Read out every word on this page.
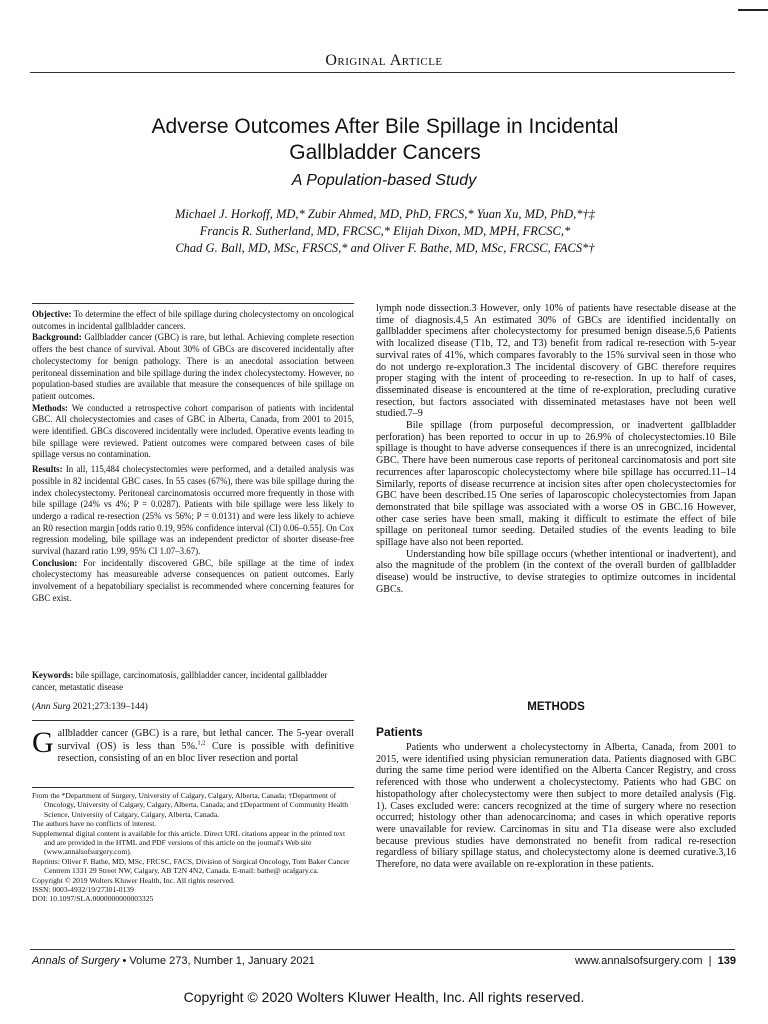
Original Article
Adverse Outcomes After Bile Spillage in Incidental
Gallbladder Cancers
A Population-based Study
Michael J. Horkoff, MD,* Zubir Ahmed, MD, PhD, FRCS,* Yuan Xu, MD, PhD,*†‡
Francis R. Sutherland, MD, FRCSC,* Elijah Dixon, MD, MPH, FRCSC,*
Chad G. Ball, MD, MSc, FRSCS,* and Oliver F. Bathe, MD, MSc, FRCSC, FACS*†

Objective: To determine the effect of bile spillage during cholecystectomy on oncological outcomes in incidental gallbladder cancers.

Background: Gallbladder cancer (GBC) is rare, but lethal. Achieving complete resection offers the best chance of survival. About 30% of GBCs are discovered incidentally after cholecystectomy for benign pathology. There is an anecdotal association between peritoneal dissemination and bile spillage during the index cholecystectomy. However, no population-based studies are available that measure the consequences of bile spillage on patient outcomes.

Methods: We conducted a retrospective cohort comparison of patients with incidental GBC. All cholecystectomies and cases of GBC in Alberta, Canada, from 2001 to 2015, were identified. GBCs discovered incidentally were included. Operative events leading to bile spillage were reviewed. Patient outcomes were compared between cases of bile spillage versus no contamination.

Results: In all, 115,484 cholecystectomies were performed, and a detailed analysis was possible in 82 incidental GBC cases. In 55 cases (67%), there was bile spillage during the index cholecystectomy. Peritoneal carcinomatosis occurred more frequently in those with bile spillage (24% vs 4%; P = 0.0287). Patients with bile spillage were less likely to undergo a radical re-resection (25% vs 56%; P = 0.0131) and were less likely to achieve an R0 resection margin [odds ratio 0.19, 95% confidence interval (CI) 0.06–0.55]. On Cox regression modeling, bile spillage was an independent predictor of shorter disease-free survival (hazard ratio 1.99, 95% CI 1.07–3.67).

Conclusion: For incidentally discovered GBC, bile spillage at the time of index cholecystectomy has measureable adverse consequences on patient outcomes. Early involvement of a hepatobiliary specialist is recommended where concerning features for GBC exist.

Keywords: bile spillage, carcinomatosis, gallbladder cancer, incidental gallbladder cancer, metastatic disease
(Ann Surg 2021;273:139–144)
Gallbladder cancer (GBC) is a rare, but lethal cancer. The 5-year overall survival (OS) is less than 5%.$^{1,2}$ Cure is possible with definitive resection, consisting of an en bloc liver resection and portal

From the *Department of Surgery, University of Calgary, Calgary, Alberta, Canada; †Department of Oncology, University of Calgary, Calgary, Alberta, Canada; and ‡Department of Community Health Science, University of Calgary, Calgary, Alberta, Canada.

The authors have no conflicts of interest.

Supplemental digital content is available for this article. Direct URL citations appear in the printed text and are provided in the HTML and PDF versions of this article on the journal's Web site (www.annalsofsurgery.com).

Reprints: Oliver F. Bathe, MD, MSc, FRCSC, FACS, Division of Surgical Oncology, Tom Baker Cancer Centrem 1331 29 Street NW, Calgary, AB T2N 4N2, Canada. E-mail: bathe@ ucalgary.ca.

Copyright © 2019 Wolters Kluwer Health, Inc. All rights reserved.

ISSN: 0003-4932/19/27301-0139

DOI: 10.1097/SLA.0000000000003325

lymph node dissection.3 However, only 10% of patients have resectable disease at the time of diagnosis.4,5 An estimated 30% of GBCs are identified incidentally on gallbladder specimens after cholecystectomy for presumed benign disease.5,6 Patients with localized disease (T1b, T2, and T3) benefit from radical re-resection with 5-year survival rates of 41%, which compares favorably to the 15% survival seen in those who do not undergo re-exploration.3 The incidental discovery of GBC therefore requires proper staging with the intent of proceeding to re-resection. In up to half of cases, disseminated disease is encountered at the time of re-exploration, precluding curative resection, but factors associated with disseminated metastases have not been well studied.7–9

Bile spillage (from purposeful decompression, or inadvertent gallbladder perforation) has been reported to occur in up to 26.9% of cholecystectomies.10 Bile spillage is thought to have adverse consequences if there is an unrecognized, incidental GBC. There have been numerous case reports of peritoneal carcinomatosis and port site recurrences after laparoscopic cholecystectomy where bile spillage has occurred.11–14 Similarly, reports of disease recurrence at incision sites after open cholecystectomies for GBC have been described.15 One series of laparoscopic cholecystectomies from Japan demonstrated that bile spillage was associated with a worse OS in GBC.16 However, other case series have been small, making it difficult to estimate the effect of bile spillage on peritoneal tumor seeding. Detailed studies of the events leading to bile spillage have also not been reported.

Understanding how bile spillage occurs (whether intentional or inadvertent), and also the magnitude of the problem (in the context of the overall burden of gallbladder disease) would be instructive, to devise strategies to optimize outcomes in incidental GBCs.

METHODS
Patients

Patients who underwent a cholecystectomy in Alberta, Canada, from 2001 to 2015, were identified using physician remuneration data. Patients diagnosed with GBC during the same time period were identified on the Alberta Cancer Registry, and cross referenced with those who underwent a cholecystectomy. Patients who had GBC on histopathology after cholecystectomy were then subject to more detailed analysis (Fig. 1). Cases excluded were: cancers recognized at the time of surgery where no resection occurred; histology other than adenocarcinoma; and cases in which operative reports were unavailable for review. Carcinomas in situ and T1a disease were also excluded because previous studies have demonstrated no benefit from radical re-resection regardless of biliary spillage status, and cholecystectomy alone is deemed curative.3,16 Therefore, no data were available on re-exploration in these patients.

Annals of Surgery • Volume 273, Number 1, January 2021	www.annalsofsurgery.com | 139
Copyright © 2020 Wolters Kluwer Health, Inc. All rights reserved.
